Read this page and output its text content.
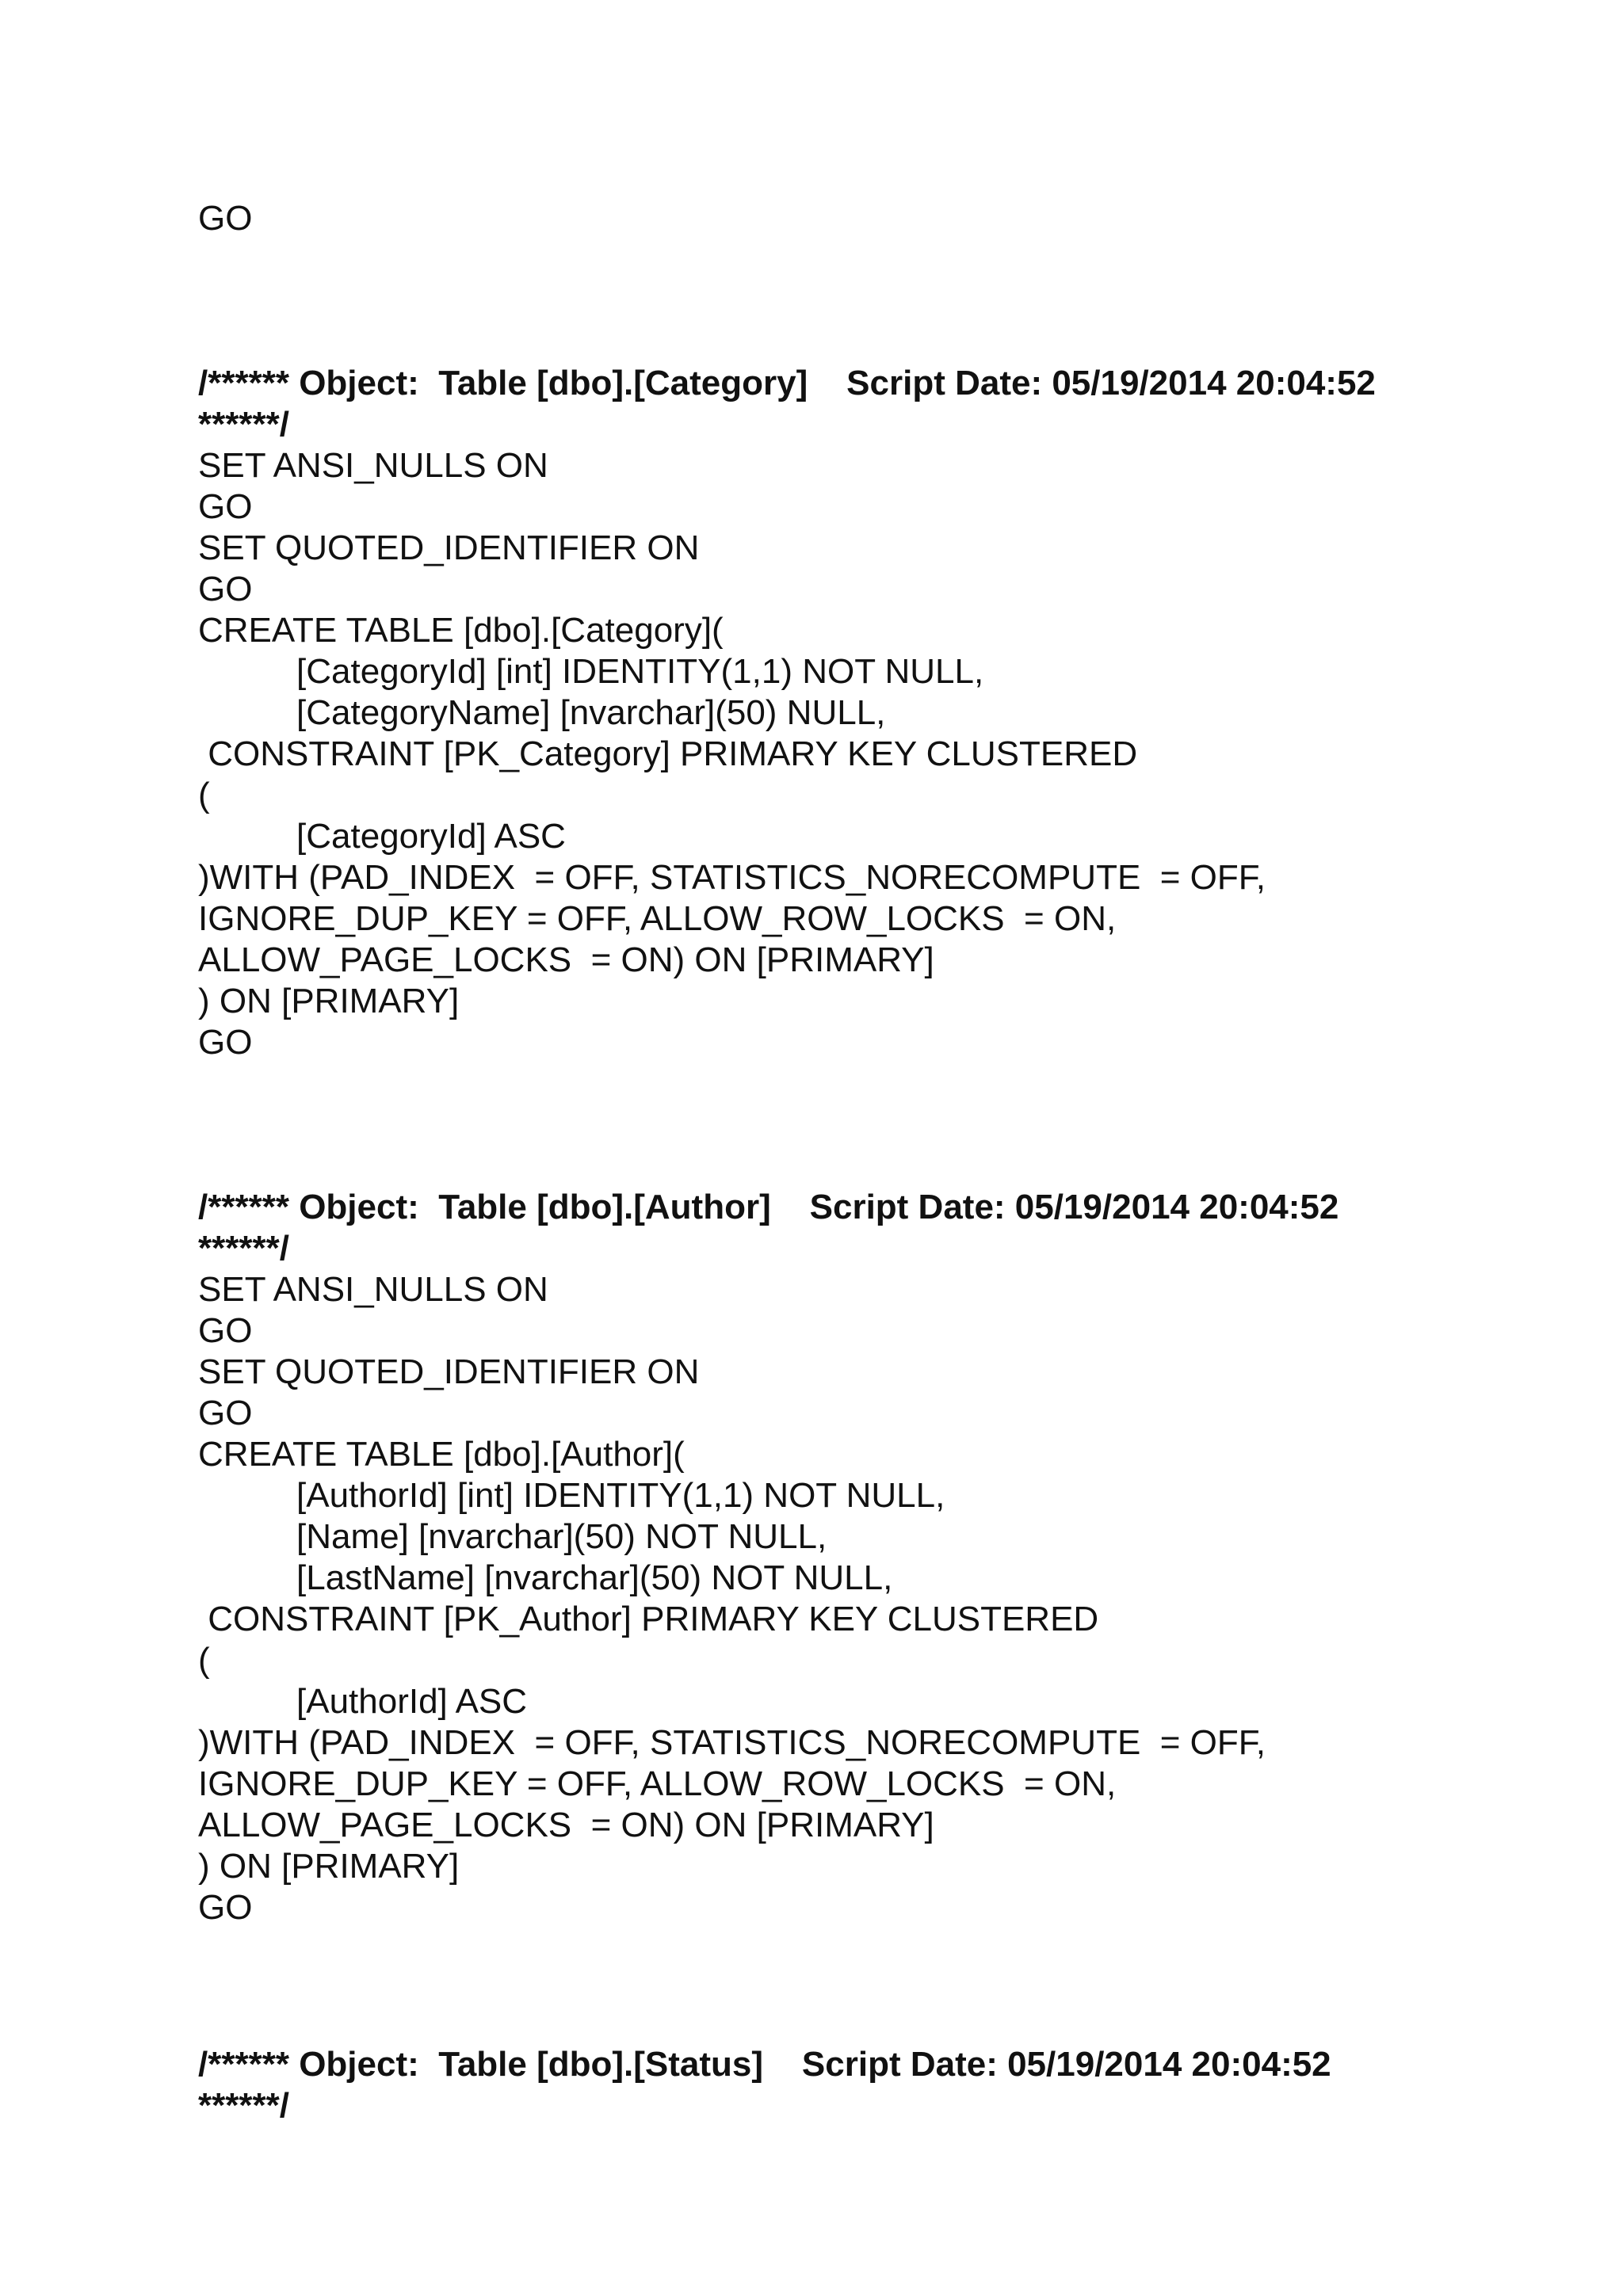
GO
/****** Object:  Table [dbo].[Category]    Script Date: 05/19/2014 20:04:52
******/
SET ANSI_NULLS ON
GO
SET QUOTED_IDENTIFIER ON
GO
CREATE TABLE [dbo].[Category](
[CategoryId] [int] IDENTITY(1,1) NOT NULL,
[CategoryName] [nvarchar](50) NULL,
CONSTRAINT [PK_Category] PRIMARY KEY CLUSTERED
(
[CategoryId] ASC
)WITH (PAD_INDEX  = OFF, STATISTICS_NORECOMPUTE  = OFF,
IGNORE_DUP_KEY = OFF, ALLOW_ROW_LOCKS  = ON,
ALLOW_PAGE_LOCKS  = ON) ON [PRIMARY]
) ON [PRIMARY]
GO
/****** Object:  Table [dbo].[Author]    Script Date: 05/19/2014 20:04:52
******/
SET ANSI_NULLS ON
GO
SET QUOTED_IDENTIFIER ON
GO
CREATE TABLE [dbo].[Author](
[AuthorId] [int] IDENTITY(1,1) NOT NULL,
[Name] [nvarchar](50) NOT NULL,
[LastName] [nvarchar](50) NOT NULL,
CONSTRAINT [PK_Author] PRIMARY KEY CLUSTERED
(
[AuthorId] ASC
)WITH (PAD_INDEX  = OFF, STATISTICS_NORECOMPUTE  = OFF,
IGNORE_DUP_KEY = OFF, ALLOW_ROW_LOCKS  = ON,
ALLOW_PAGE_LOCKS  = ON) ON [PRIMARY]
) ON [PRIMARY]
GO
/****** Object:  Table [dbo].[Status]    Script Date: 05/19/2014 20:04:52
******/
